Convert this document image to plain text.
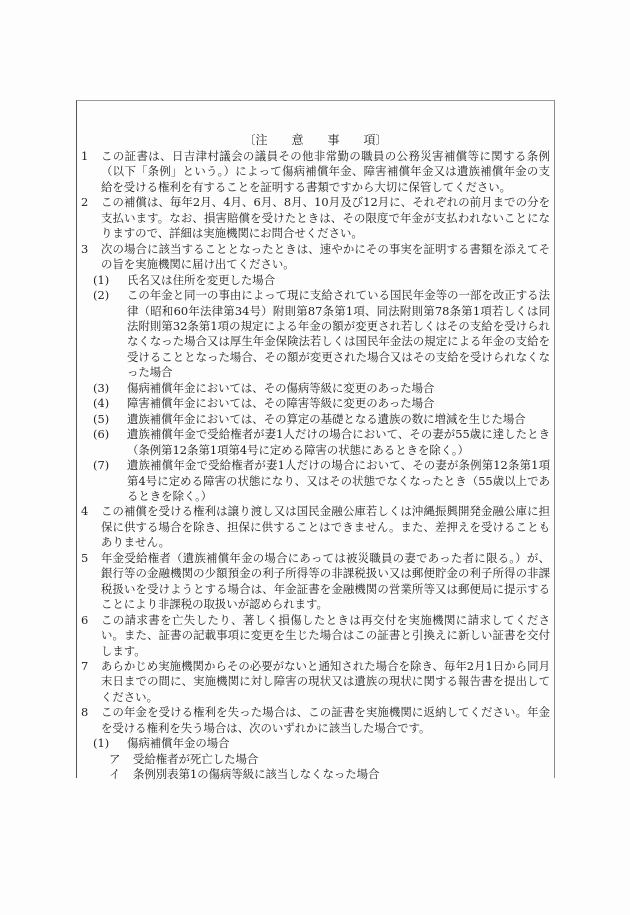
〔注　　意　　事　　項〕
1	この証書は、日吉津村議会の議員その他非常勤の職員の公務災害補償等に関する条例（以下「条例」という。）によって傷病補償年金、障害補償年金又は遺族補償年金の支給を受ける権利を有することを証明する書類ですから大切に保管してください。
2	この補償は、毎年2月、4月、6月、8月、10月及び12月に、それぞれの前月までの分を支払います。なお、損害賠償を受けたときは、その限度で年金が支払われないことになりますので、詳細は実施機関にお問合せください。
3	次の場合に該当することとなったときは、速やかにその事実を証明する書類を添えてその旨を実施機関に届け出てください。
(1)	氏名又は住所を変更した場合
(2)	この年金と同一の事由によって現に支給されている国民年金等の一部を改正する法律（昭和60年法律第34号）附則第87条第1項、同法附則第78条第1項若しくは同法附則第32条第1項の規定による年金の額が変更され若しくはその支給を受けられなくなった場合又は厚生年金保険法若しくは国民年金法の規定による年金の支給を受けることとなった場合、その額が変更された場合又はその支給を受けられなくなった場合
(3)	傷病補償年金においては、その傷病等級に変更のあった場合
(4)	障害補償年金においては、その障害等級に変更のあった場合
(5)	遺族補償年金においては、その算定の基礎となる遺族の数に増減を生じた場合
(6)	遺族補償年金で受給権者が妻1人だけの場合において、その妻が55歳に達したとき（条例第12条第1項第4号に定める障害の状態にあるときを除く。）
(7)	遺族補償年金で受給権者が妻1人だけの場合において、その妻が条例第12条第1項第4号に定める障害の状態になり、又はその状態でなくなったとき（55歳以上であるときを除く。）
4	この補償を受ける権利は譲り渡し又は国民金融公庫若しくは沖縄振興開発金融公庫に担保に供する場合を除き、担保に供することはできません。また、差押えを受けることもありません。
5	年金受給権者（遺族補償年金の場合にあっては被災職員の妻であった者に限る。）が、銀行等の金融機関の少額預金の利子所得等の非課税扱い又は郵便貯金の利子所得の非課税扱いを受けようとする場合は、年金証書を金融機関の営業所等又は郵便局に提示することにより非課税の取扱いが認められます。
6	この請求書を亡失したり、著しく損傷したときは再交付を実施機関に請求してください。また、証書の記載事項に変更を生じた場合はこの証書と引換えに新しい証書を交付します。
7	あらかじめ実施機関からその必要がないと通知された場合を除き、毎年2月1日から同月末日までの間に、実施機関に対し障害の現状又は遺族の現状に関する報告書を提出してください。
8	この年金を受ける権利を失った場合は、この証書を実施機関に返納してください。年金を受ける権利を失う場合は、次のいずれかに該当した場合です。
(1)	傷病補償年金の場合
ア	受給権者が死亡した場合
イ	条例別表第1の傷病等級に該当しなくなった場合
